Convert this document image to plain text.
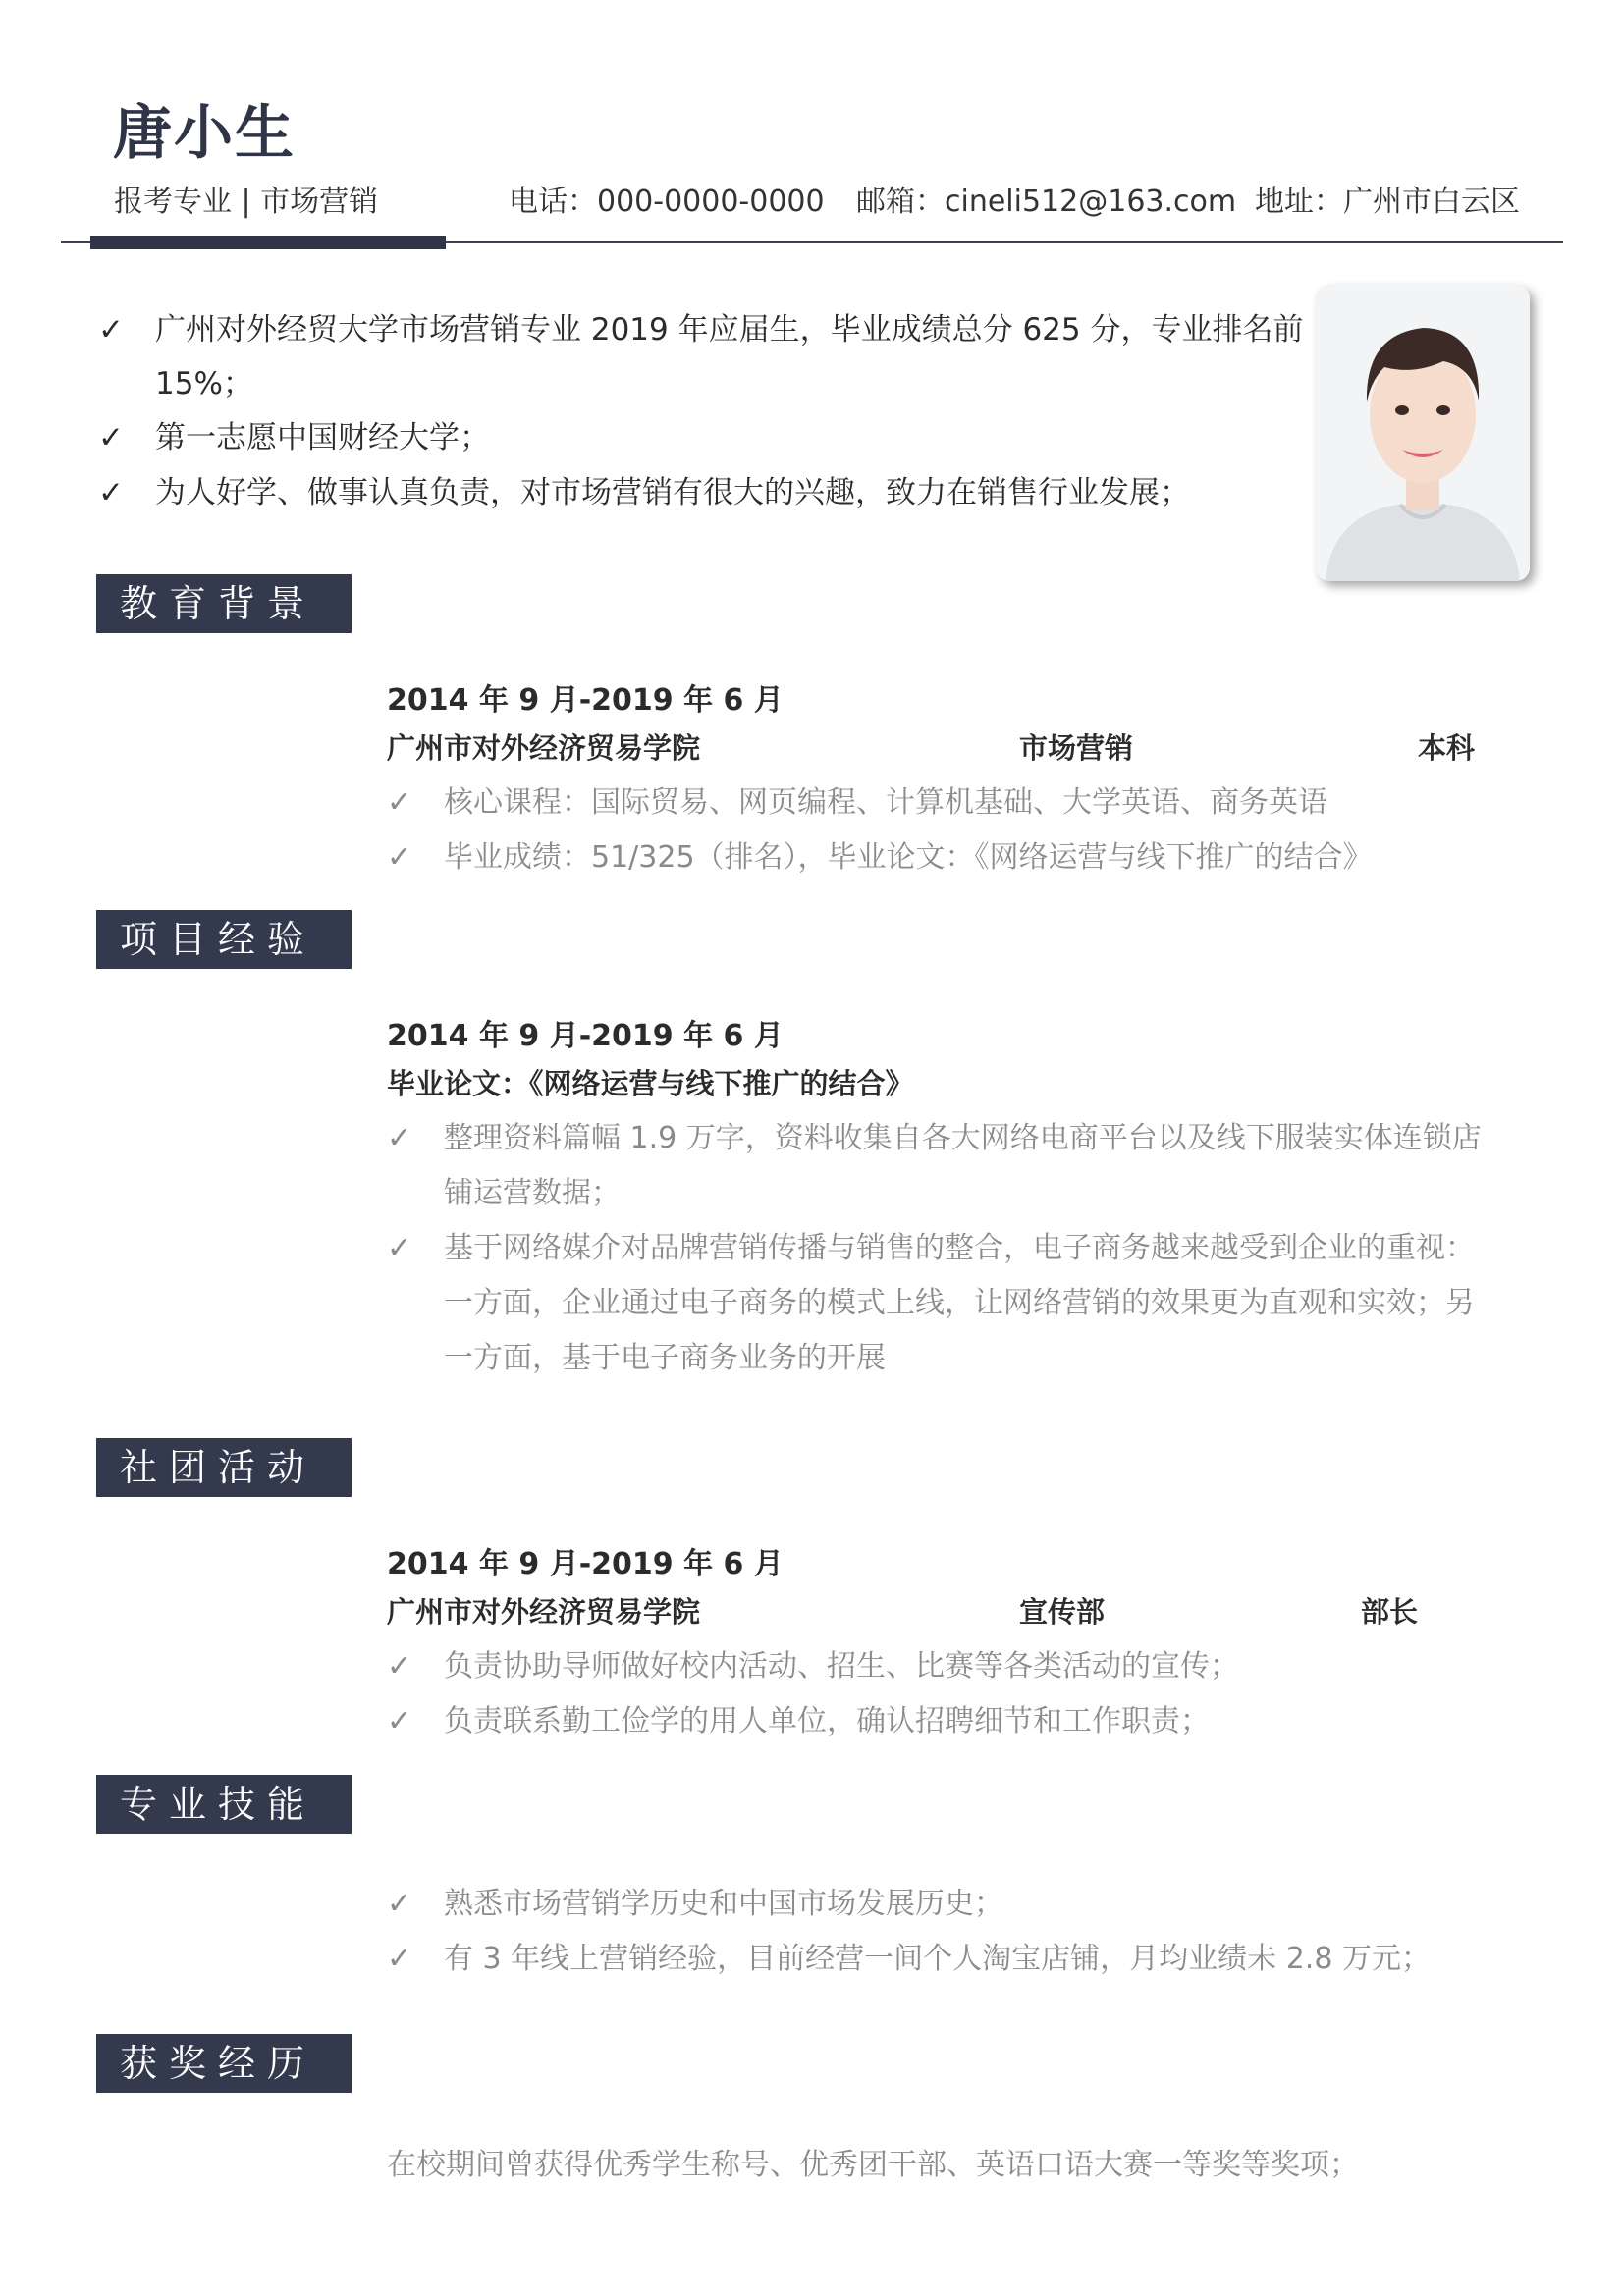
唐小生
报考专业 | 市场营销	电话：000-0000-0000 邮箱：cineli512@163.com 地址：广州市白云区
✓ 广州对外经贸大学市场营销专业 2019 年应届生，毕业成绩总分 625 分，专业排名前
15%；
✓ 第一志愿中国财经大学；
✓ 为人好学、做事认真负责，对市场营销有很大的兴趣，致力在销售行业发展；
教育背景
2014 年 9 月-2019 年 6 月
广州市对外经济贸易学院	市场营销	本科
✓ 核心课程：国际贸易、网页编程、计算机基础、大学英语、商务英语
✓ 毕业成绩：51/325（排名），毕业论文：《网络运营与线下推广的结合》
项目经验
2014 年 9 月-2019 年 6 月
毕业论文：《网络运营与线下推广的结合》
✓ 整理资料篇幅 1.9 万字，资料收集自各大网络电商平台以及线下服装实体连锁店
铺运营数据；
✓ 基于网络媒介对品牌营销传播与销售的整合，电子商务越来越受到企业的重视：
一方面，企业通过电子商务的模式上线，让网络营销的效果更为直观和实效；另
一方面，基于电子商务业务的开展
社团活动
2014 年 9 月-2019 年 6 月
广州市对外经济贸易学院	宣传部	部长
✓ 负责协助导师做好校内活动、招生、比赛等各类活动的宣传；
✓ 负责联系勤工俭学的用人单位，确认招聘细节和工作职责；
专业技能
✓ 熟悉市场营销学历史和中国市场发展历史；
✓ 有 3 年线上营销经验，目前经营一间个人淘宝店铺，月均业绩未 2.8 万元；
获奖经历
在校期间曾获得优秀学生称号、优秀团干部、英语口语大赛一等奖等奖项；
